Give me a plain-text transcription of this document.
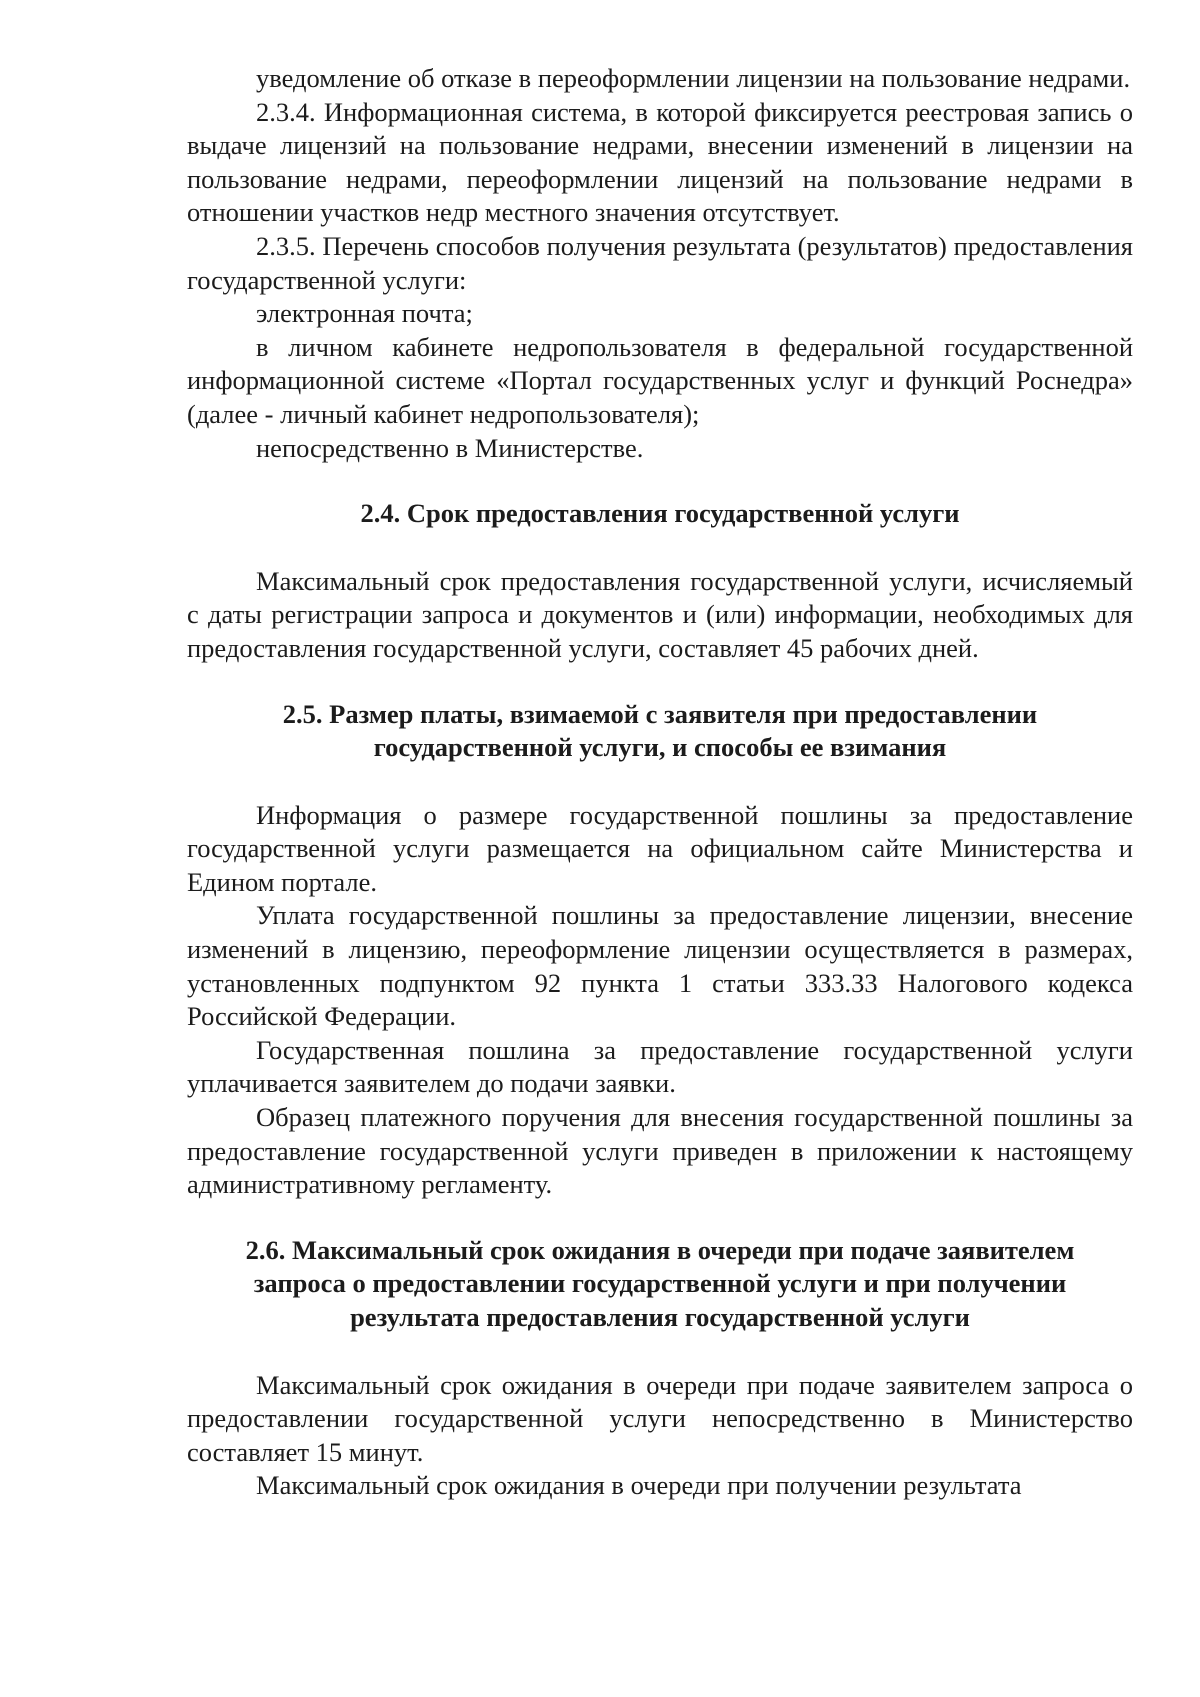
уведомление об отказе в переоформлении лицензии на пользование недрами.

2.3.4. Информационная система, в которой фиксируется реестровая запись о выдаче лицензий на пользование недрами, внесении изменений в лицензии на пользование недрами, переоформлении лицензий на пользование недрами в отношении участков недр местного значения отсутствует.

2.3.5. Перечень способов получения результата (результатов) предоставления государственной услуги:

электронная почта;

в личном кабинете недропользователя в федеральной государственной информационной системе «Портал государственных услуг и функций Роснедра» (далее - личный кабинет недропользователя);

непосредственно в Министерстве.

2.4. Срок предоставления государственной услуги

Максимальный срок предоставления государственной услуги, исчисляемый с даты регистрации запроса и документов и (или) информации, необходимых для предоставления государственной услуги, составляет 45 рабочих дней.

2.5. Размер платы, взимаемой с заявителя при предоставлении
государственной услуги, и способы ее взимания

Информация о размере государственной пошлины за предоставление государственной услуги размещается на официальном сайте Министерства и Едином портале.

Уплата государственной пошлины за предоставление лицензии, внесение изменений в лицензию, переоформление лицензии осуществляется в размерах, установленных подпунктом 92 пункта 1 статьи 333.33 Налогового кодекса Российской Федерации.

Государственная пошлина за предоставление государственной услуги уплачивается заявителем до подачи заявки.

Образец платежного поручения для внесения государственной пошлины за предоставление государственной услуги приведен в приложении к настоящему административному регламенту.

2.6. Максимальный срок ожидания в очереди при подаче заявителем
запроса о предоставлении государственной услуги и при получении
результата предоставления государственной услуги

Максимальный срок ожидания в очереди при подаче заявителем запроса о предоставлении государственной услуги непосредственно в Министерство составляет 15 минут.

Максимальный срок ожидания в очереди при получении результата
